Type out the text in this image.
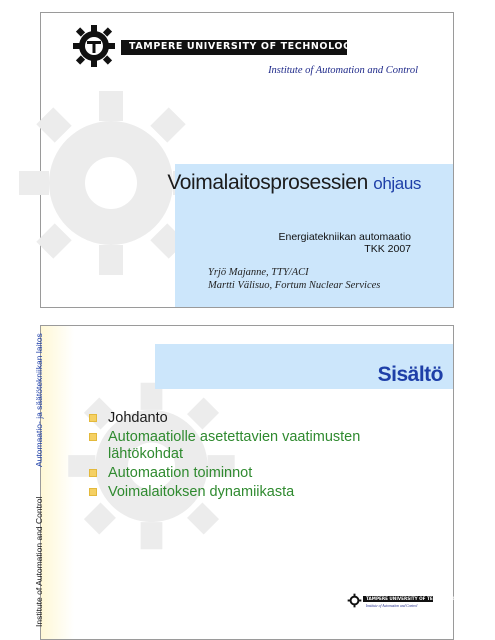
TAMPERE UNIVERSITY OF TECHNOLOGY
Institute of Automation and Control
Voimalaitosprosessien ohjaus
Energiatekniikan automaatio
TKK 2007
Yrjö Majanne, TTY/ACI
Martti Välisuo, Fortum Nuclear Services
Institute of Automation and Control
Automaatio- ja säätötekniikan laitos	Sisältö
Johdanto
Automaatiolle asetettavien vaatimusten lähtökohdat
Automaation toiminnot
Voimalaitoksen dynamiikasta
TAMPERE UNIVERSITY OF TECHNOLOGY
Institute of Automation and Control
